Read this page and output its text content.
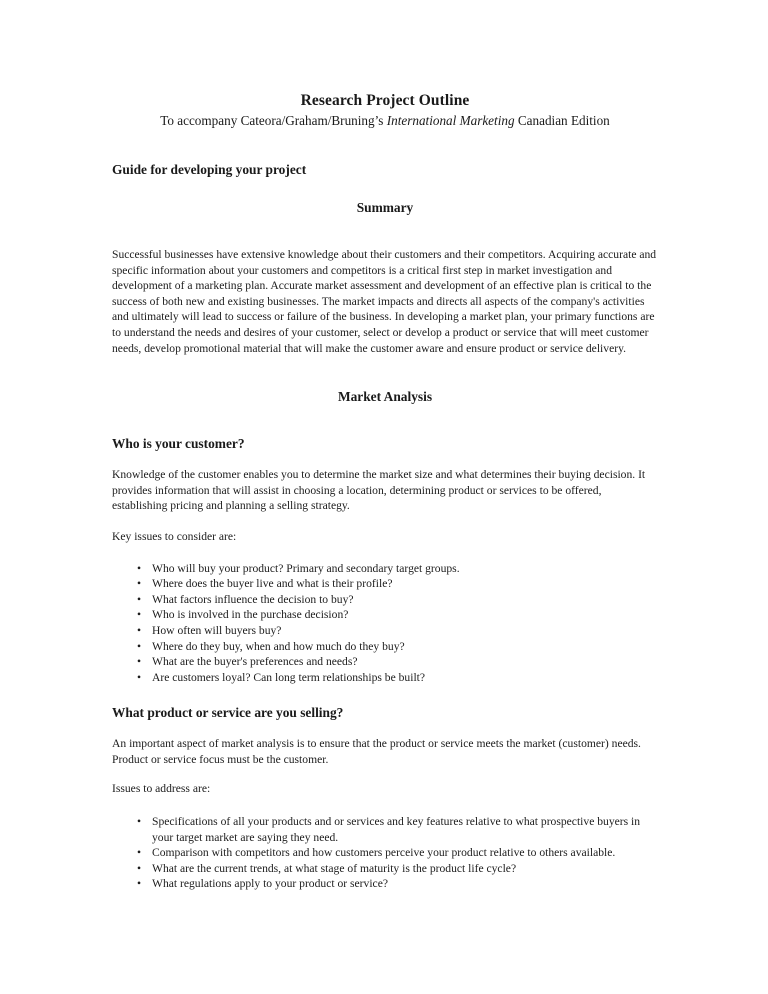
Research Project Outline

To accompany Cateora/Graham/Bruning’s International Marketing Canadian Edition

Guide for developing your project
Summary

Successful businesses have extensive knowledge about their customers and their competitors. Acquiring accurate and specific information about your customers and competitors is a critical first step in market investigation and development of a marketing plan. Accurate market assessment and development of an effective plan is critical to the success of both new and existing businesses. The market impacts and directs all aspects of the company's activities and ultimately will lead to success or failure of the business. In developing a market plan, your primary functions are to understand the needs and desires of your customer, select or develop a product or service that will meet customer needs, develop promotional material that will make the customer aware and ensure product or service delivery.

Market Analysis
Who is your customer?

Knowledge of the customer enables you to determine the market size and what determines their buying decision. It provides information that will assist in choosing a location, determining product or services to be offered, establishing pricing and planning a selling strategy.

Key issues to consider are:

• Who will buy your product? Primary and secondary target groups.
• Where does the buyer live and what is their profile?
• What factors influence the decision to buy?
• Who is involved in the purchase decision?
• How often will buyers buy?
• Where do they buy, when and how much do they buy?
• What are the buyer's preferences and needs?
• Are customers loyal? Can long term relationships be built?
What product or service are you selling?

An important aspect of market analysis is to ensure that the product or service meets the market (customer) needs. Product or service focus must be the customer.

Issues to address are:

• Specifications of all your products and or services and key features relative to what prospective buyers in your target market are saying they need.
• Comparison with competitors and how customers perceive your product relative to others available.
• What are the current trends, at what stage of maturity is the product life cycle?
• What regulations apply to your product or service?
